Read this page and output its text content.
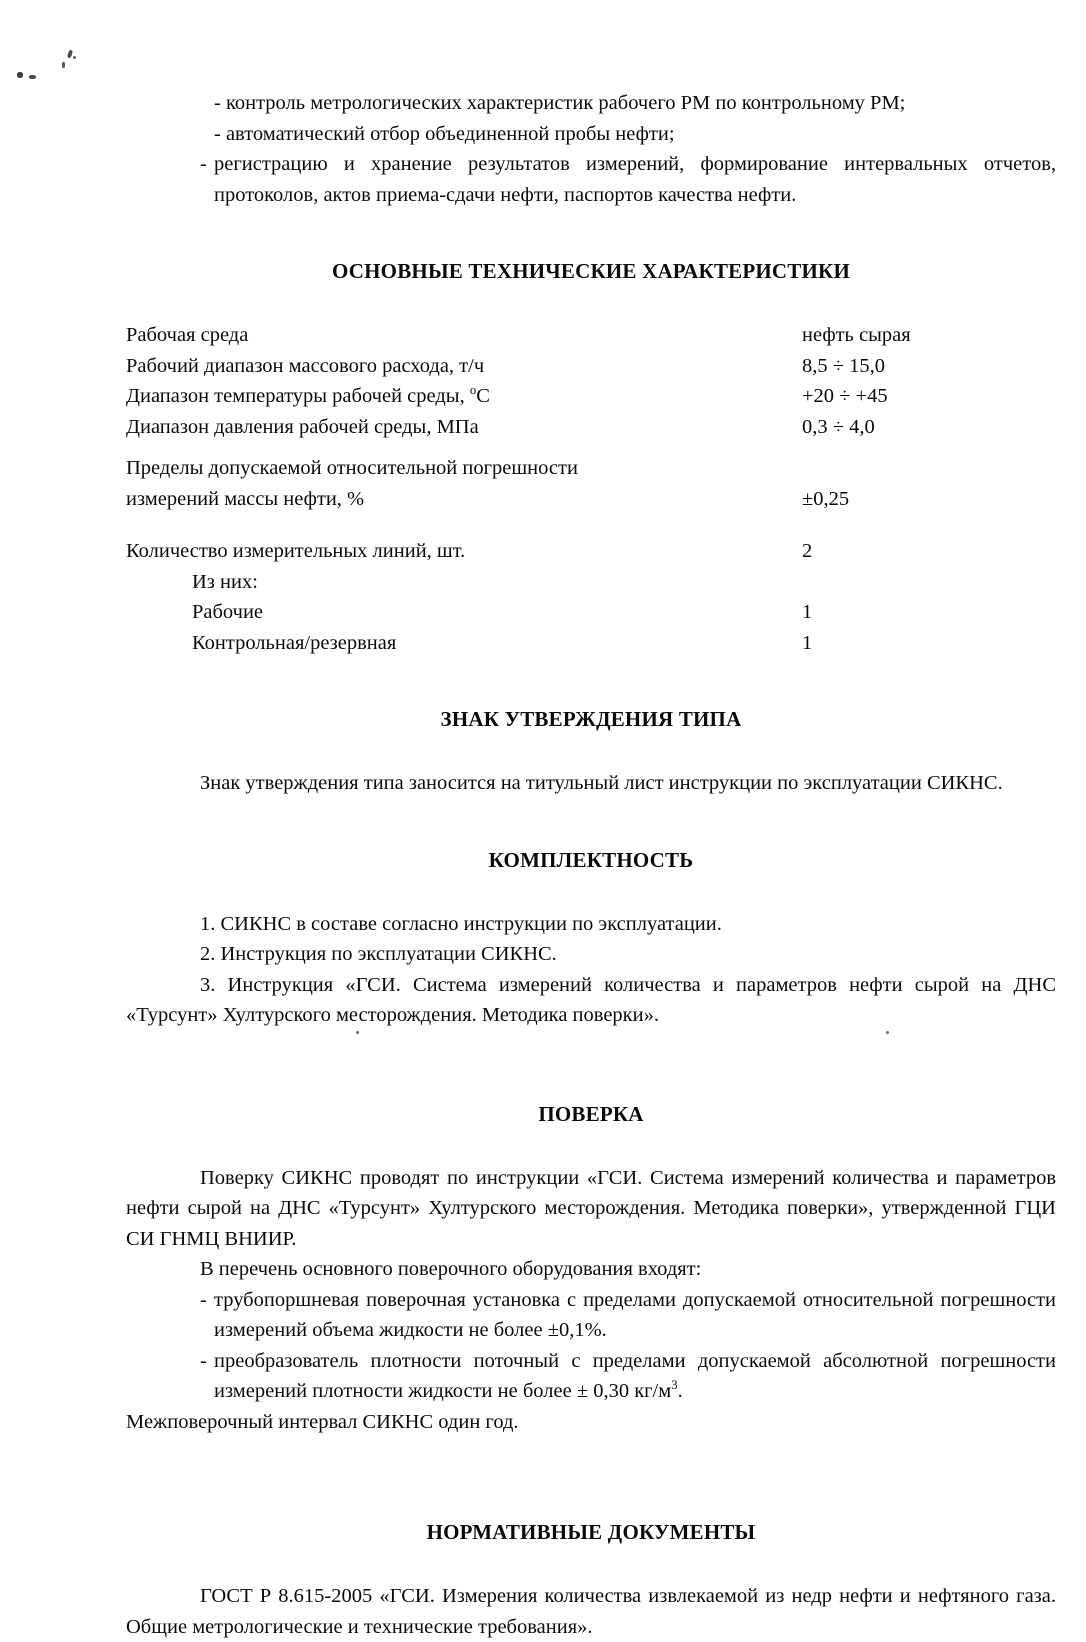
- контроль метрологических характеристик рабочего РМ по контрольному РМ;

- автоматический отбор объединенной пробы нефти;

- регистрацию и хранение результатов измерений, формирование интервальных отчетов, протоколов, актов приема-сдачи нефти, паспортов качества нефти.

ОСНОВНЫЕ ТЕХНИЧЕСКИЕ ХАРАКТЕРИСТИКИ
Рабочая среда	нефть сырая
Рабочий диапазон массового расхода, т/ч	8,5 ÷ 15,0
Диапазон температуры рабочей среды, $^o$С	+20 ÷ +45
Диапазон давления рабочей среды, МПа	0,3 ÷ 4,0

Пределы допускаемой относительной погрешности	
измерений массы нефти, %	±0,25

Количество измерительных линий, шт.	2
Из них:	
Рабочие	1
Контрольная/резервная	1
ЗНАК УТВЕРЖДЕНИЯ ТИПА

Знак утверждения типа заносится на титульный лист инструкции по эксплуатации СИКНС.

КОМПЛЕКТНОСТЬ

1. СИКНС в составе согласно инструкции по эксплуатации.

2. Инструкция по эксплуатации СИКНС.

3. Инструкция «ГСИ. Система измерений количества и параметров нефти сырой на ДНС «Турсунт» Хултурского месторождения. Методика поверки».

ПОВЕРКА

Поверку СИКНС проводят по инструкции «ГСИ. Система измерений количества и параметров нефти сырой на ДНС «Турсунт» Хултурского месторождения. Методика поверки», утвержденной ГЦИ СИ ГНМЦ ВНИИР.

В перечень основного поверочного оборудования входят:

- трубопоршневая поверочная установка с пределами допускаемой относительной погрешности измерений объема жидкости не более ±0,1%.

- преобразователь плотности поточный с пределами допускаемой абсолютной погрешности измерений плотности жидкости не более ± 0,30 $кг/м^3$.

Межповерочный интервал СИКНС один год.

НОРМАТИВНЫЕ ДОКУМЕНТЫ

ГОСТ Р 8.615-2005 «ГСИ. Измерения количества извлекаемой из недр нефти и нефтяного газа. Общие метрологические и технические требования».
